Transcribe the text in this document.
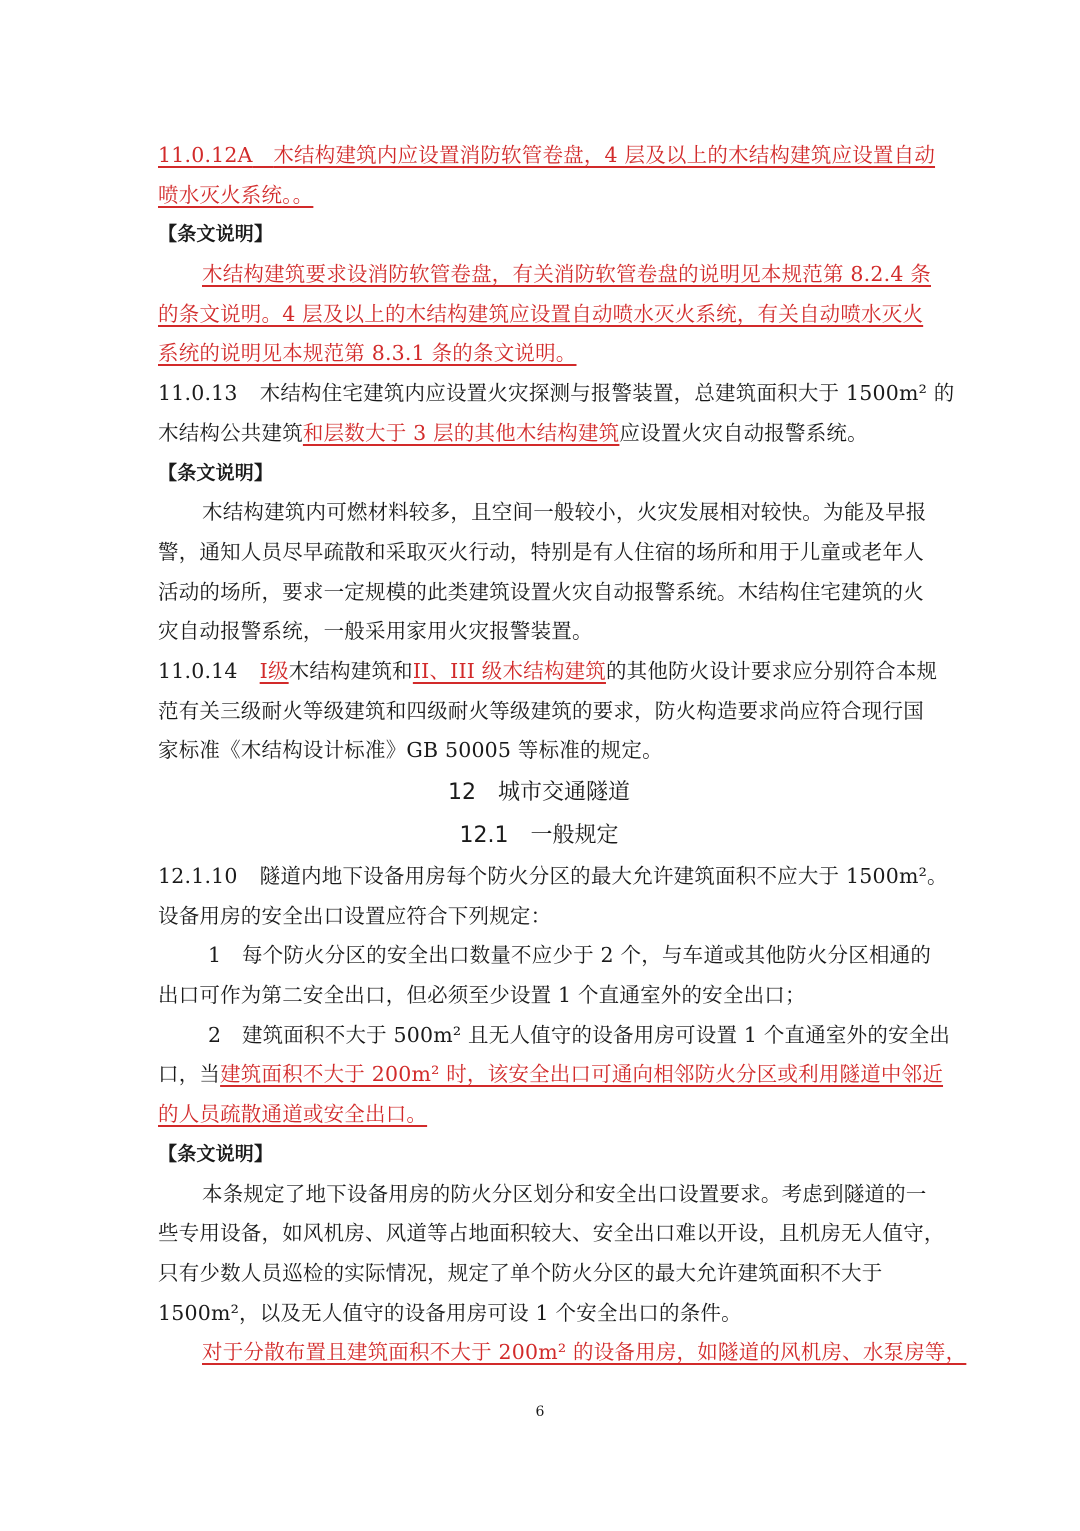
11.0.12A　 木结构建筑内应设置消防软管卷盘，4 层及以上的木结构建筑应设置自动
喷水灭火系统。。
【条文说明】
木结构建筑要求设消防软管卷盘，有关消防软管卷盘的说明见本规范第 8.2.4 条
的条文说明。4 层及以上的木结构建筑应设置自动喷水灭火系统，有关自动喷水灭火
系统的说明见本规范第 8.3.1 条的条文说明。
11.0.13 木结构住宅建筑内应设置火灾探测与报警装置，总建筑面积大于 1500m² 的
木结构公共建筑和层数大于 3 层的其他木结构建筑应设置火灾自动报警系统。
【条文说明】
木结构建筑内可燃材料较多，且空间一般较小，火灾发展相对较快。为能及早报
警，通知人员尽早疏散和采取灭火行动，特别是有人住宿的场所和用于儿童或老年人
活动的场所，要求一定规模的此类建筑设置火灾自动报警系统。木结构住宅建筑的火
灾自动报警系统，一般采用家用火灾报警装置。
11.0.14 I级木结构建筑和II、III 级木结构建筑的其他防火设计要求应分别符合本规
范有关三级耐火等级建筑和四级耐火等级建筑的要求，防火构造要求尚应符合现行国
家标准《木结构设计标准》GB 50005 等标准的规定。
12　城市交通隧道
12.1　一般规定
12.1.10 隧道内地下设备用房每个防火分区的最大允许建筑面积不应大于 1500m²。
设备用房的安全出口设置应符合下列规定：
1　每个防火分区的安全出口数量不应少于 2 个，与车道或其他防火分区相通的
出口可作为第二安全出口，但必须至少设置 1 个直通室外的安全出口；
2　建筑面积不大于 500m² 且无人值守的设备用房可设置 1 个直通室外的安全出
口，当建筑面积不大于 200m² 时，该安全出口可通向相邻防火分区或利用隧道中邻近
的人员疏散通道或安全出口。
【条文说明】
本条规定了地下设备用房的防火分区划分和安全出口设置要求。考虑到隧道的一
些专用设备，如风机房、风道等占地面积较大、安全出口难以开设，且机房无人值守，
只有少数人员巡检的实际情况，规定了单个防火分区的最大允许建筑面积不大于
1500m²，以及无人值守的设备用房可设 1 个安全出口的条件。
对于分散布置且建筑面积不大于 200m² 的设备用房，如隧道的风机房、水泵房等，
6
